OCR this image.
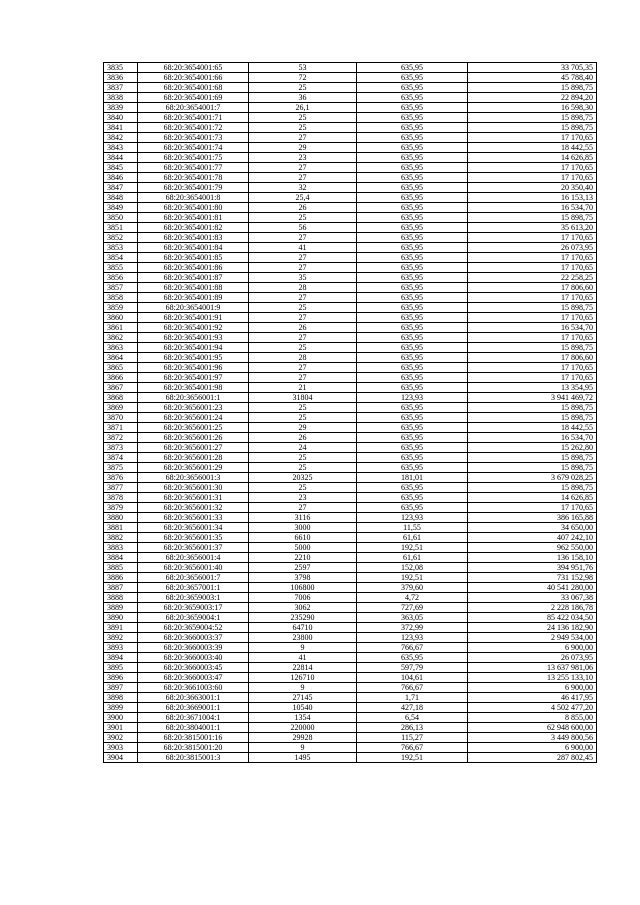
3835	68:20:3654001:65	53	635,95	33 705,35
3836	68:20:3654001:66	72	635,95	45 788,40
3837	68:20:3654001:68	25	635,95	15 898,75
3838	68:20:3654001:69	36	635,95	22 894,20
3839	68:20:3654001:7	26,1	635,95	16 598,30
3840	68:20:3654001:71	25	635,95	15 898,75
3841	68:20:3654001:72	25	635,95	15 898,75
3842	68:20:3654001:73	27	635,95	17 170,65
3843	68:20:3654001:74	29	635,95	18 442,55
3844	68:20:3654001:75	23	635,95	14 626,85
3845	68:20:3654001:77	27	635,95	17 170,65
3846	68:20:3654001:78	27	635,95	17 170,65
3847	68:20:3654001:79	32	635,95	20 350,40
3848	68:20:3654001:8	25,4	635,95	16 153,13
3849	68:20:3654001:80	26	635,95	16 534,70
3850	68:20:3654001:81	25	635,95	15 898,75
3851	68:20:3654001:82	56	635,95	35 613,20
3852	68:20:3654001:83	27	635,95	17 170,65
3853	68:20:3654001:84	41	635,95	26 073,95
3854	68:20:3654001:85	27	635,95	17 170,65
3855	68:20:3654001:86	27	635,95	17 170,65
3856	68:20:3654001:87	35	635,95	22 258,25
3857	68:20:3654001:88	28	635,95	17 806,60
3858	68:20:3654001:89	27	635,95	17 170,65
3859	68:20:3654001:9	25	635,95	15 898,75
3860	68:20:3654001:91	27	635,95	17 170,65
3861	68:20:3654001:92	26	635,95	16 534,70
3862	68:20:3654001:93	27	635,95	17 170,65
3863	68:20:3654001:94	25	635,95	15 898,75
3864	68:20:3654001:95	28	635,95	17 806,60
3865	68:20:3654001:96	27	635,95	17 170,65
3866	68:20:3654001:97	27	635,95	17 170,65
3867	68:20:3654001:98	21	635,95	13 354,95
3868	68:20:3656001:1	31804	123,93	3 941 469,72
3869	68:20:3656001:23	25	635,95	15 898,75
3870	68:20:3656001:24	25	635,95	15 898,75
3871	68:20:3656001:25	29	635,95	18 442,55
3872	68:20:3656001:26	26	635,95	16 534,70
3873	68:20:3656001:27	24	635,95	15 262,80
3874	68:20:3656001:28	25	635,95	15 898,75
3875	68:20:3656001:29	25	635,95	15 898,75
3876	68:20:3656001:3	20325	181,01	3 679 028,25
3877	68:20:3656001:30	25	635,95	15 898,75
3878	68:20:3656001:31	23	635,95	14 626,85
3879	68:20:3656001:32	27	635,95	17 170,65
3880	68:20:3656001:33	3116	123,93	386 165,88
3881	68:20:3656001:34	3000	11,55	34 650,00
3882	68:20:3656001:35	6610	61,61	407 242,10
3883	68:20:3656001:37	5000	192,51	962 550,00
3884	68:20:3656001:4	2210	61,61	136 158,10
3885	68:20:3656001:40	2597	152,08	394 951,76
3886	68:20:3656001:7	3798	192,51	731 152,98
3887	68:20:3657001:1	106800	379,60	40 541 280,00
3888	68:20:3659003:1	7006	4,72	33 067,38
3889	68:20:3659003:17	3062	727,69	2 228 186,78
3890	68:20:3659004:1	235290	363,05	85 422 034,50
3891	68:20:3659004:52	64710	372,99	24 136 182,90
3892	68:20:3660003:37	23800	123,93	2 949 534,00
3893	68:20:3660003:39	9	766,67	6 900,00
3894	68:20:3660003:40	41	635,95	26 073,95
3895	68:20:3660003:45	22814	597,79	13 637 981,06
3896	68:20:3660003:47	126710	104,61	13 255 133,10
3897	68:20:3661003:60	9	766,67	6 900,00
3898	68:20:3663001:1	27145	1,71	46 417,95
3899	68:20:3669001:1	10540	427,18	4 502 477,20
3900	68:20:3671004:1	1354	6,54	8 855,00
3901	68:20:3804001:1	220000	286,13	62 948 600,00
3902	68:20:3815001:16	29928	115,27	3 449 800,56
3903	68:20:3815001:20	9	766,67	6 900,00
3904	68:20:3815001:3	1495	192,51	287 802,45
